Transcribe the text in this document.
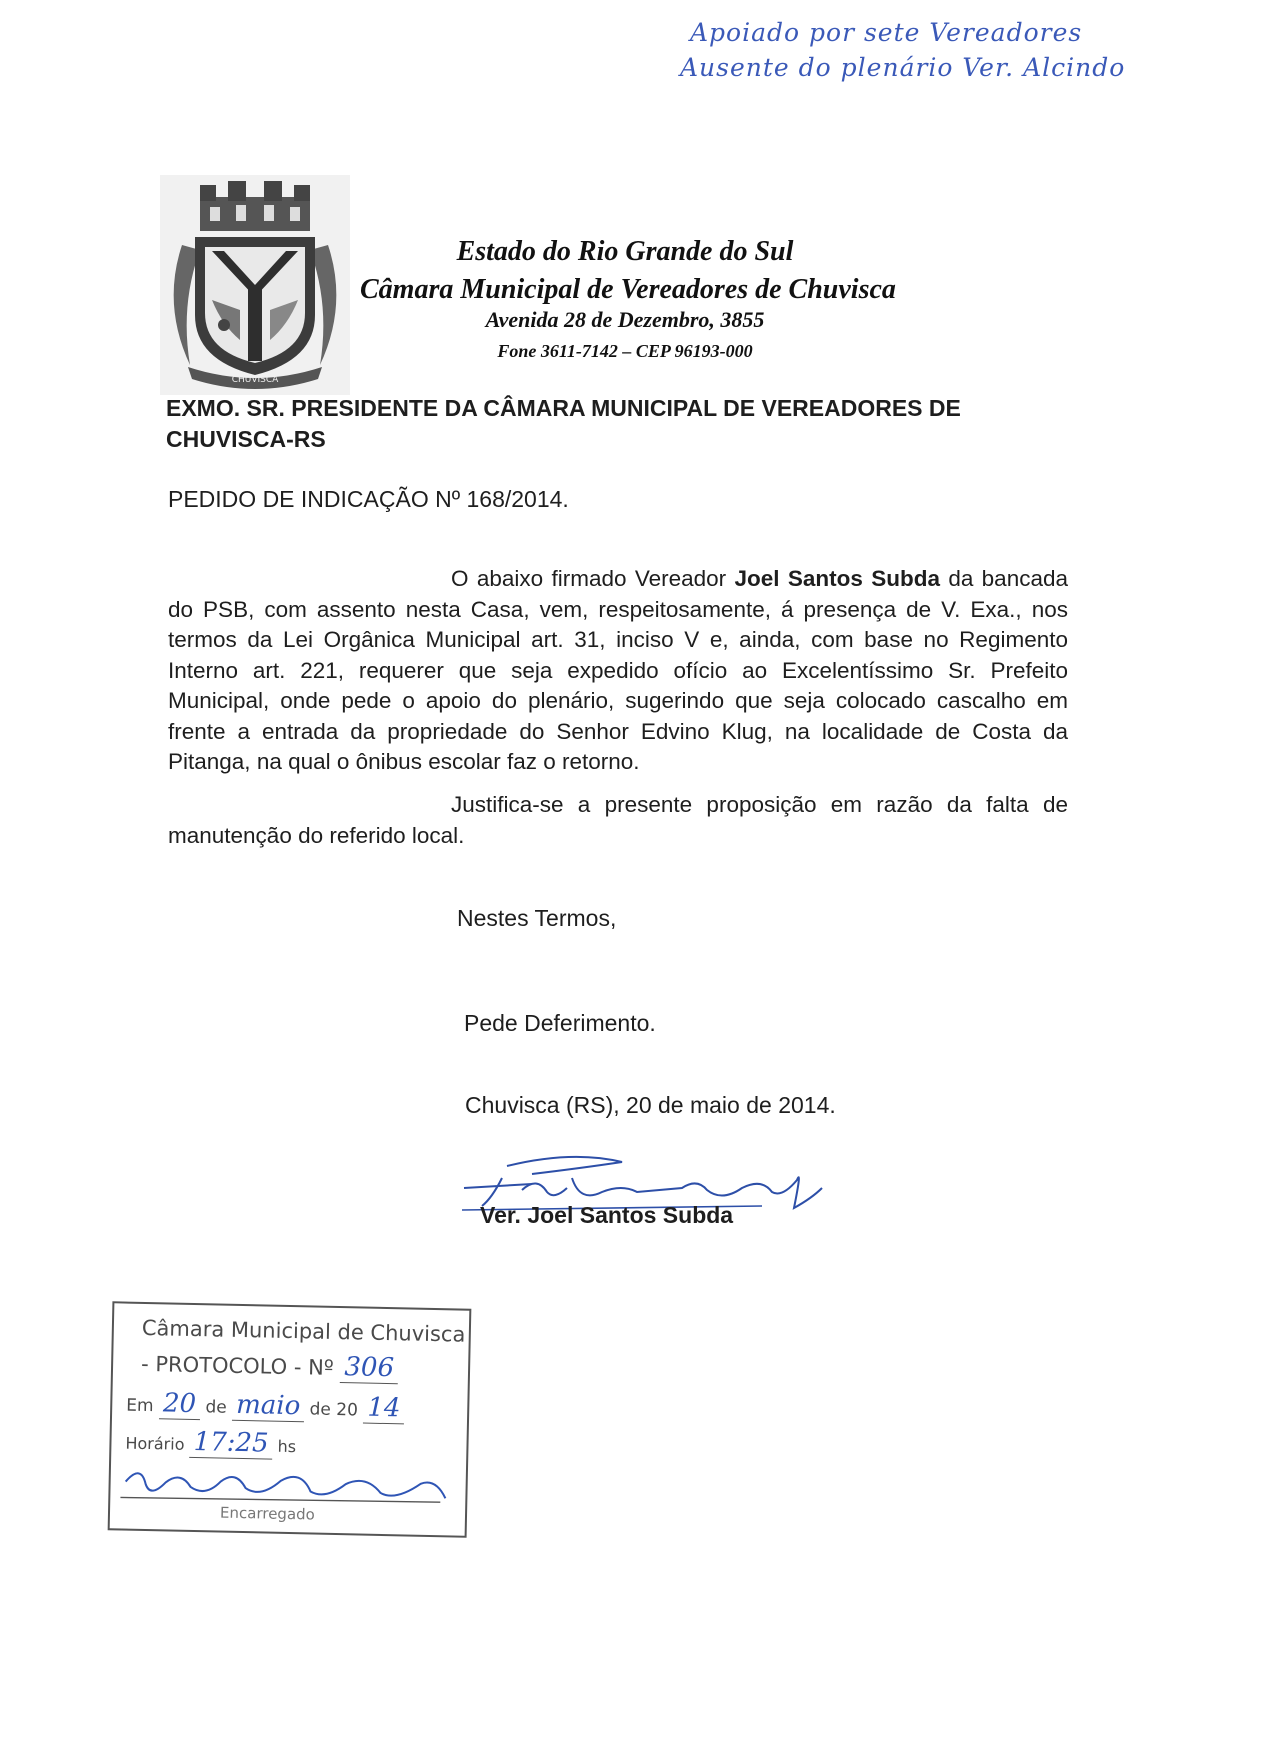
Apoiado por sete Vereadores
Ausente do plenário Ver. Alcindo
CHUVISCA
Estado do Rio Grande do Sul
Câmara Municipal de Vereadores de Chuvisca
Avenida 28 de Dezembro, 3855
Fone 3611-7142 – CEP 96193-000
EXMO. SR. PRESIDENTE DA CÂMARA MUNICIPAL DE VEREADORES DE CHUVISCA-RS
PEDIDO DE INDICAÇÃO Nº 168/2014.
O abaixo firmado Vereador Joel Santos Subda da bancada do PSB, com assento nesta Casa, vem, respeitosamente, á presença de V. Exa., nos termos da Lei Orgânica Municipal art. 31, inciso V e, ainda, com base no Regimento Interno art. 221, requerer que seja expedido ofício ao Excelentíssimo Sr. Prefeito Municipal, onde pede o apoio do plenário, sugerindo que seja colocado cascalho em frente a entrada da propriedade do Senhor Edvino Klug, na localidade de Costa da Pitanga, na qual o ônibus escolar faz o retorno.
Justifica-se a presente proposição em razão da falta de manutenção do referido local.
Nestes Termos,
Pede Deferimento.
Chuvisca (RS), 20 de maio de 2014.
Ver. Joel Santos Subda
Câmara Municipal de Chuvisca
- PROTOCOLO - Nº 306
Em 20 de maio de 20 14
Horário 17:25 hs
Encarregado
